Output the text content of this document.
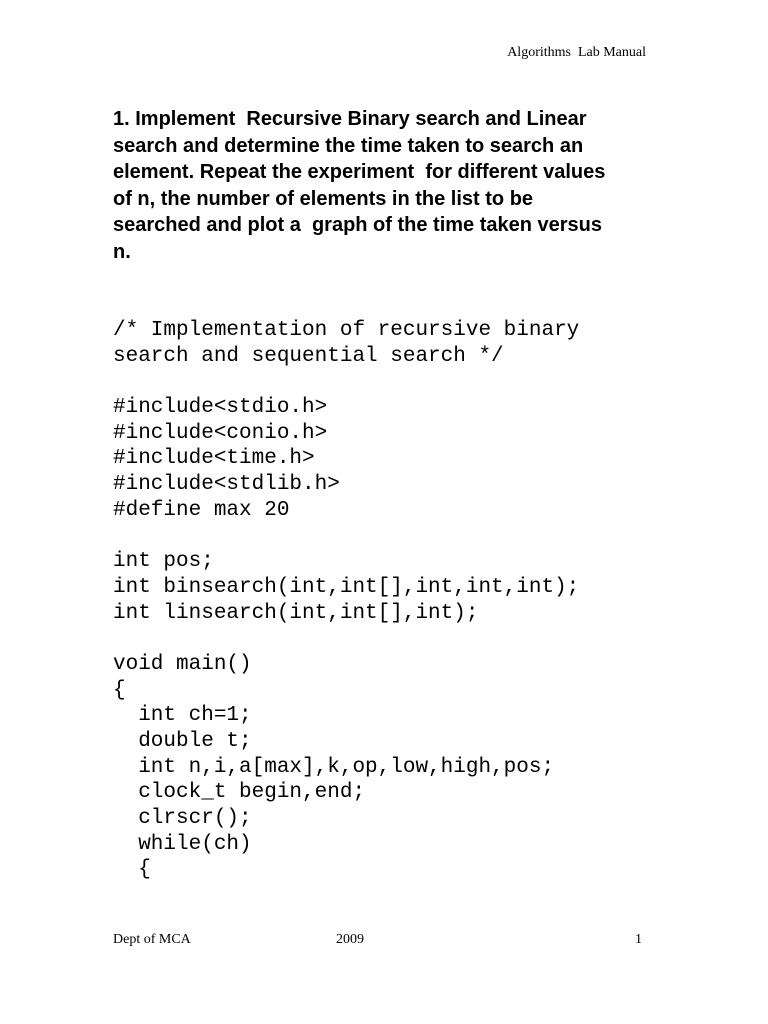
Algorithms  Lab Manual
1. Implement  Recursive Binary search and Linear
search and determine the time taken to search an
element. Repeat the experiment  for different values
of n, the number of elements in the list to be
searched and plot a  graph of the time taken versus
n.
/* Implementation of recursive binary
search and sequential search */
#include<stdio.h>
#include<conio.h>
#include<time.h>
#include<stdlib.h>
#define max 20
int pos;
int binsearch(int,int[],int,int,int);
int linsearch(int,int[],int);
void main()
{
int ch=1;
double t;
int n,i,a[max],k,op,low,high,pos;
clock_t begin,end;
clrscr();
while(ch)
{
Dept of MCA	2009	1
